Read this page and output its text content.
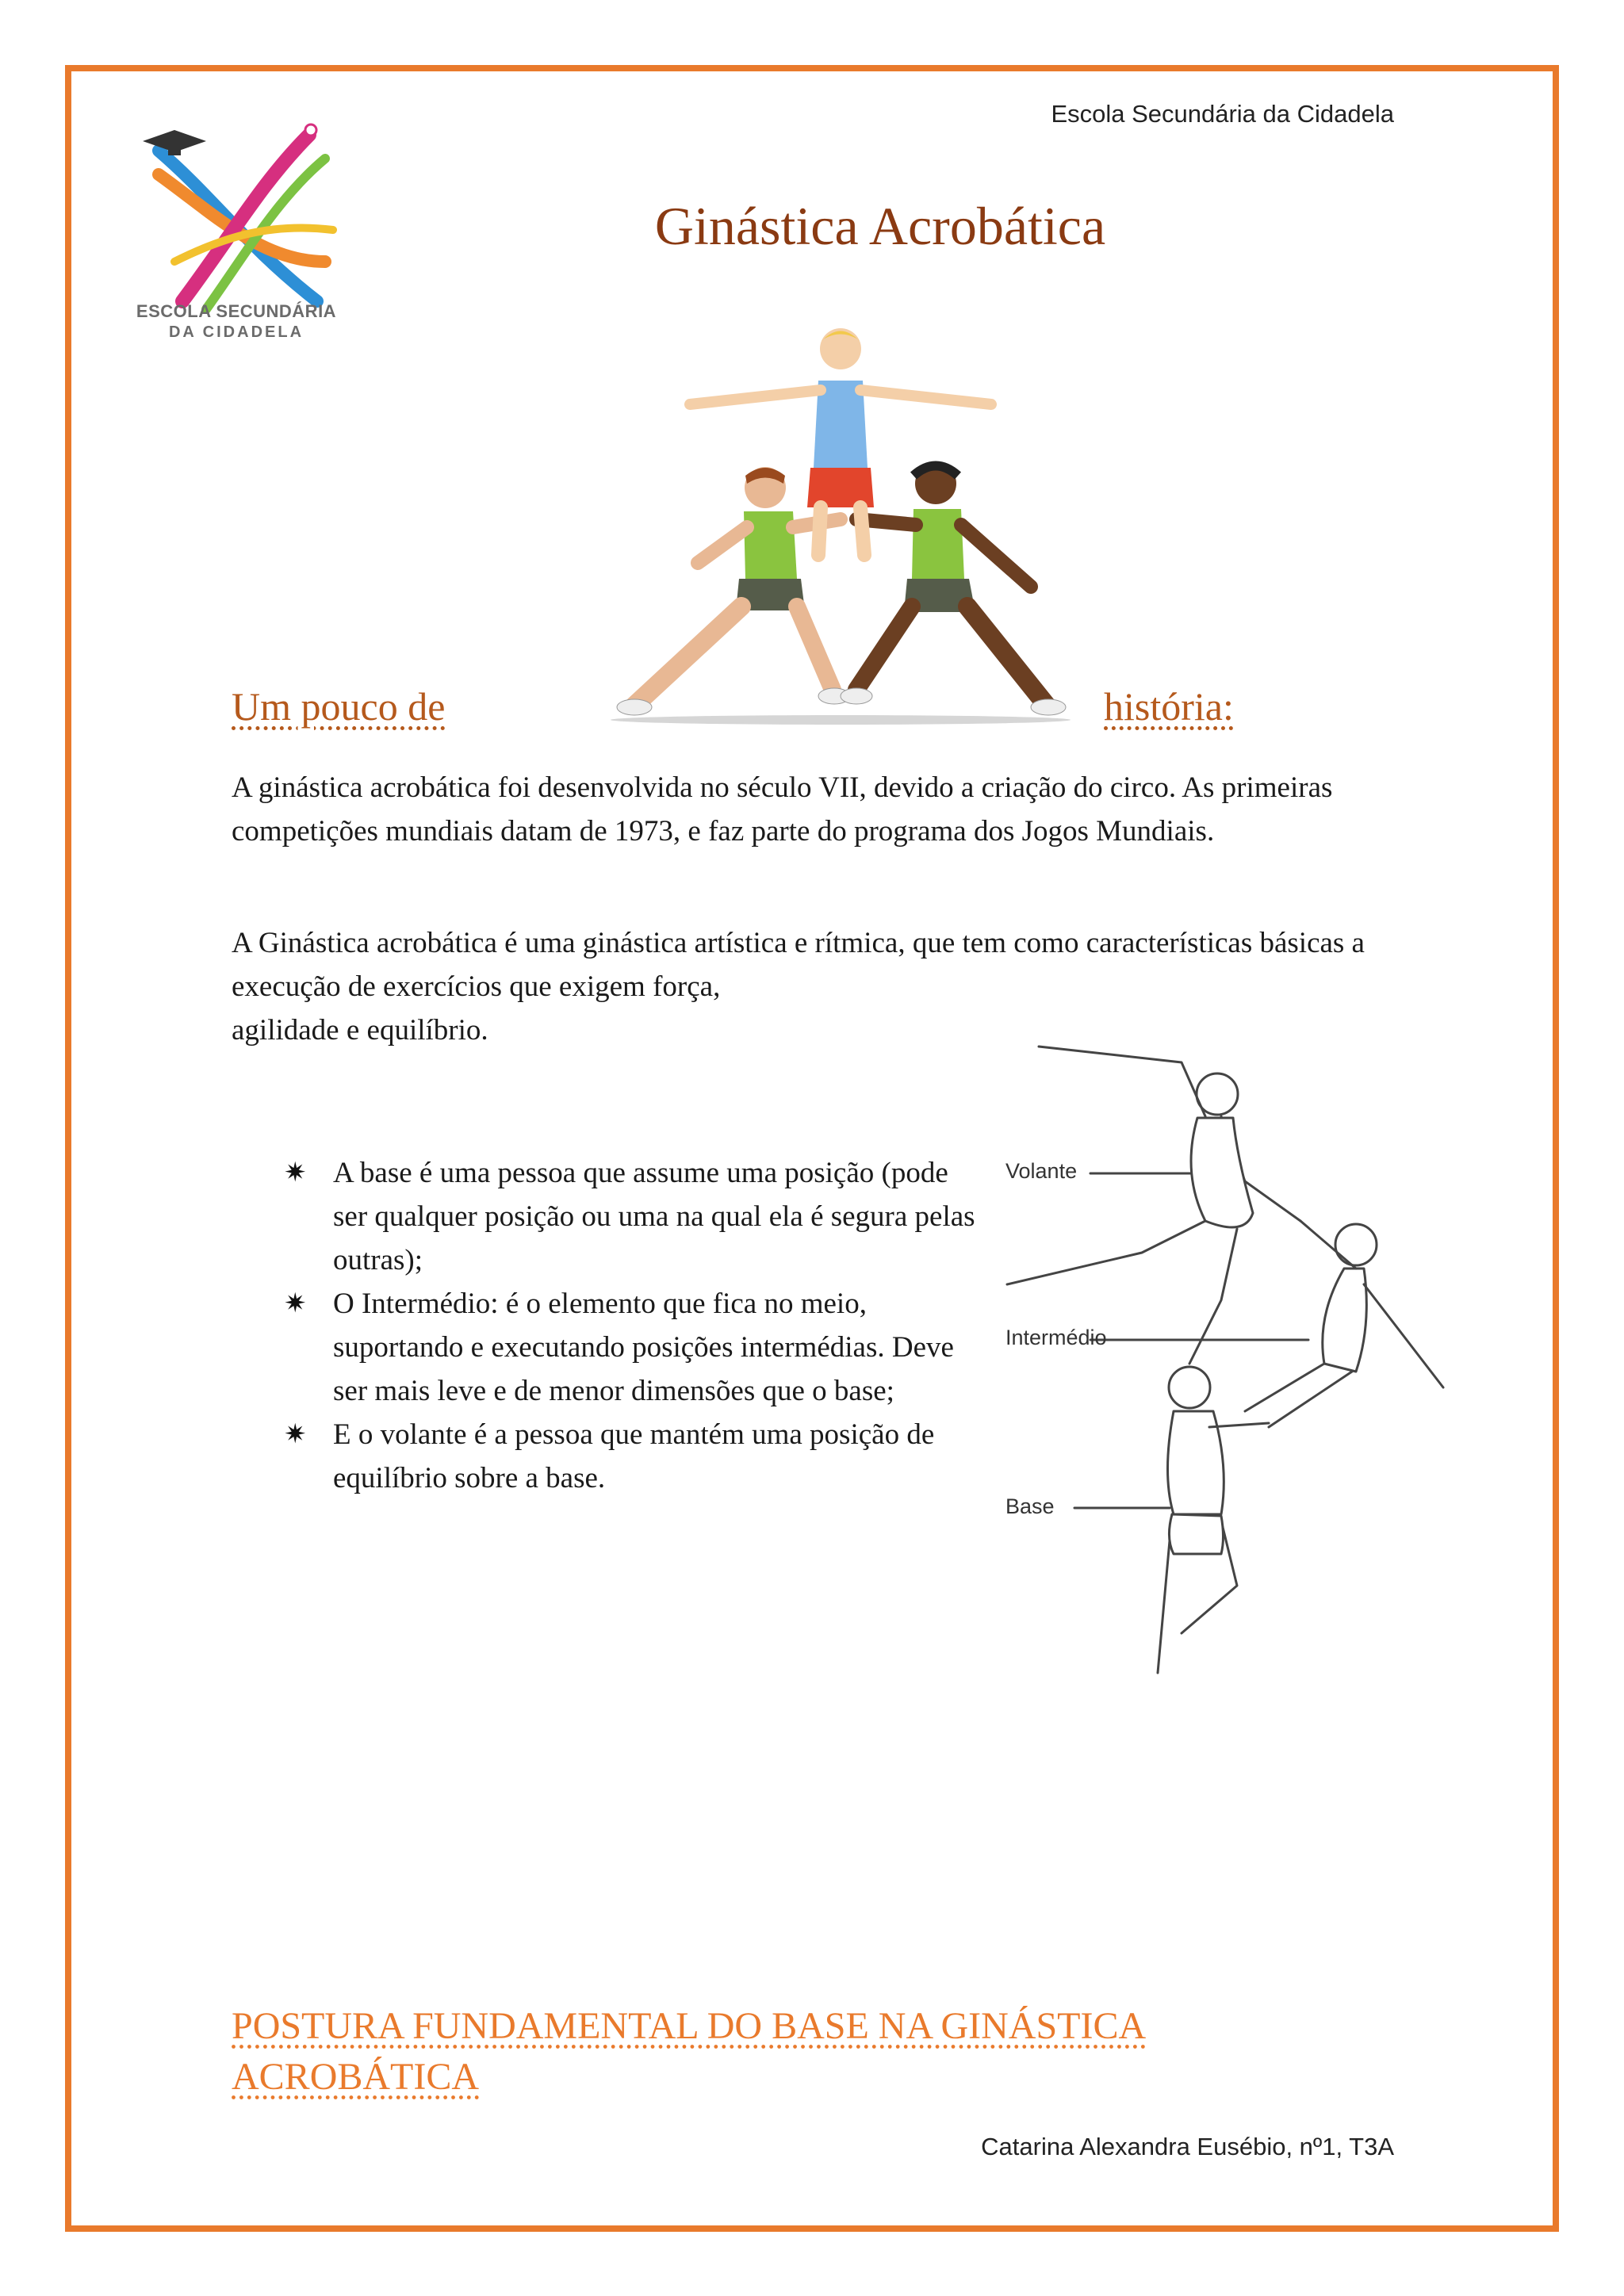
Escola Secundária da Cidadela
ESCOLA SECUNDÁRIA
DA CIDADELA
Ginástica Acrobática
Um pouco de	história:

A ginástica acrobática foi desenvolvida no século VII, devido a criação do circo. As primeiras competições mundiais datam de 1973, e faz parte do programa dos Jogos Mundiais.

A Ginástica acrobática é uma ginástica artística e rítmica, que tem como características básicas a execução de exercícios que exigem força,
agilidade e equilíbrio.

✷ A base é uma pessoa que assume uma posição (pode ser qualquer posição ou uma na qual ela é segura pelas outras);
✷ O Intermédio: é o elemento que fica no meio, suportando e executando posições intermédias. Deve ser mais leve e de menor dimensões que o base;
✷ E o volante é a pessoa que mantém uma posição de equilíbrio sobre a base.
Volante
Intermédio
Base
POSTURA FUNDAMENTAL DO BASE NA GINÁSTICA ACROBÁTICA
Catarina Alexandra Eusébio, nº1, T3A
